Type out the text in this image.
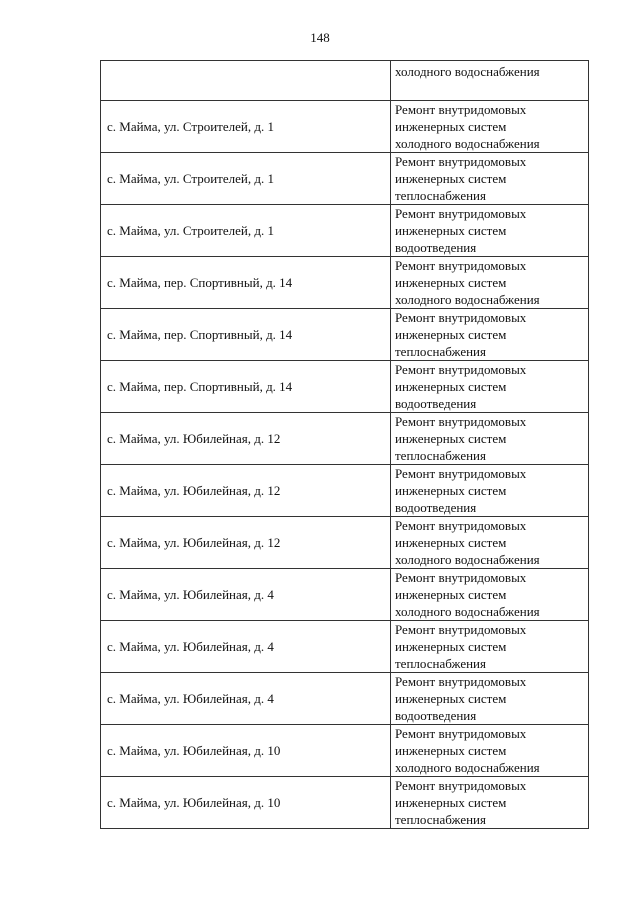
148

	холодного водоснабжения

с. Майма, ул. Строителей, д. 1	Ремонт внутридомовых
инженерных систем
холодного водоснабжения

с. Майма, ул. Строителей, д. 1	Ремонт внутридомовых
инженерных систем
теплоснабжения

с. Майма, ул. Строителей, д. 1	Ремонт внутридомовых
инженерных систем
водоотведения

с. Майма, пер. Спортивный, д. 14	Ремонт внутридомовых
инженерных систем
холодного водоснабжения

с. Майма, пер. Спортивный, д. 14	Ремонт внутридомовых
инженерных систем
теплоснабжения

с. Майма, пер. Спортивный, д. 14	Ремонт внутридомовых
инженерных систем
водоотведения

с. Майма, ул. Юбилейная, д. 12	Ремонт внутридомовых
инженерных систем
теплоснабжения

с. Майма, ул. Юбилейная, д. 12	Ремонт внутридомовых
инженерных систем
водоотведения

с. Майма, ул. Юбилейная, д. 12	Ремонт внутридомовых
инженерных систем
холодного водоснабжения

с. Майма, ул. Юбилейная, д. 4	Ремонт внутридомовых
инженерных систем
холодного водоснабжения

с. Майма, ул. Юбилейная, д. 4	Ремонт внутридомовых
инженерных систем
теплоснабжения

с. Майма, ул. Юбилейная, д. 4	Ремонт внутридомовых
инженерных систем
водоотведения

с. Майма, ул. Юбилейная, д. 10	Ремонт внутридомовых
инженерных систем
холодного водоснабжения

с. Майма, ул. Юбилейная, д. 10	Ремонт внутридомовых
инженерных систем
теплоснабжения
